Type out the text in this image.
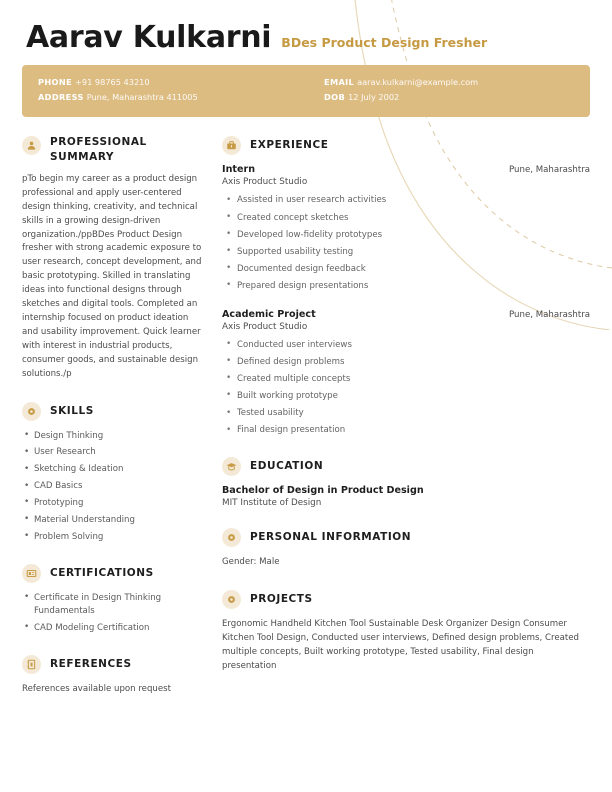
Aarav Kulkarni BDes Product Design Fresher
PHONE +91 98765 43210
ADDRESS Pune, Maharashtra 411005
EMAIL aarav.kulkarni@example.com
DOB 12 July 2002
PROFESSIONAL SUMMARY

pTo begin my career as a product design professional and apply user-centered design thinking, creativity, and technical skills in a growing design-driven organization./ppBDes Product Design fresher with strong academic exposure to user research, concept development, and basic prototyping. Skilled in translating ideas into functional designs through sketches and digital tools. Completed an internship focused on product ideation and usability improvement. Quick learner with interest in industrial products, consumer goods, and sustainable design solutions./p

SKILLS
• Design Thinking
• User Research
• Sketching & Ideation
• CAD Basics
• Prototyping
• Material Understanding
• Problem Solving
CERTIFICATIONS
• Certificate in Design Thinking Fundamentals
• CAD Modeling Certification
REFERENCES

References available upon request

EXPERIENCE
Intern	Pune, Maharashtra
Axis Product Studio
• Assisted in user research activities
• Created concept sketches
• Developed low-fidelity prototypes
• Supported usability testing
• Documented design feedback
• Prepared design presentations
Academic Project	Pune, Maharashtra
Axis Product Studio
• Conducted user interviews
• Defined design problems
• Created multiple concepts
• Built working prototype
• Tested usability
• Final design presentation
EDUCATION
Bachelor of Design in Product Design
MIT Institute of Design
PERSONAL INFORMATION

Gender: Male

PROJECTS

Ergonomic Handheld Kitchen Tool Sustainable Desk Organizer Design Consumer Kitchen Tool Design, Conducted user interviews, Defined design problems, Created multiple concepts, Built working prototype, Tested usability, Final design presentation
